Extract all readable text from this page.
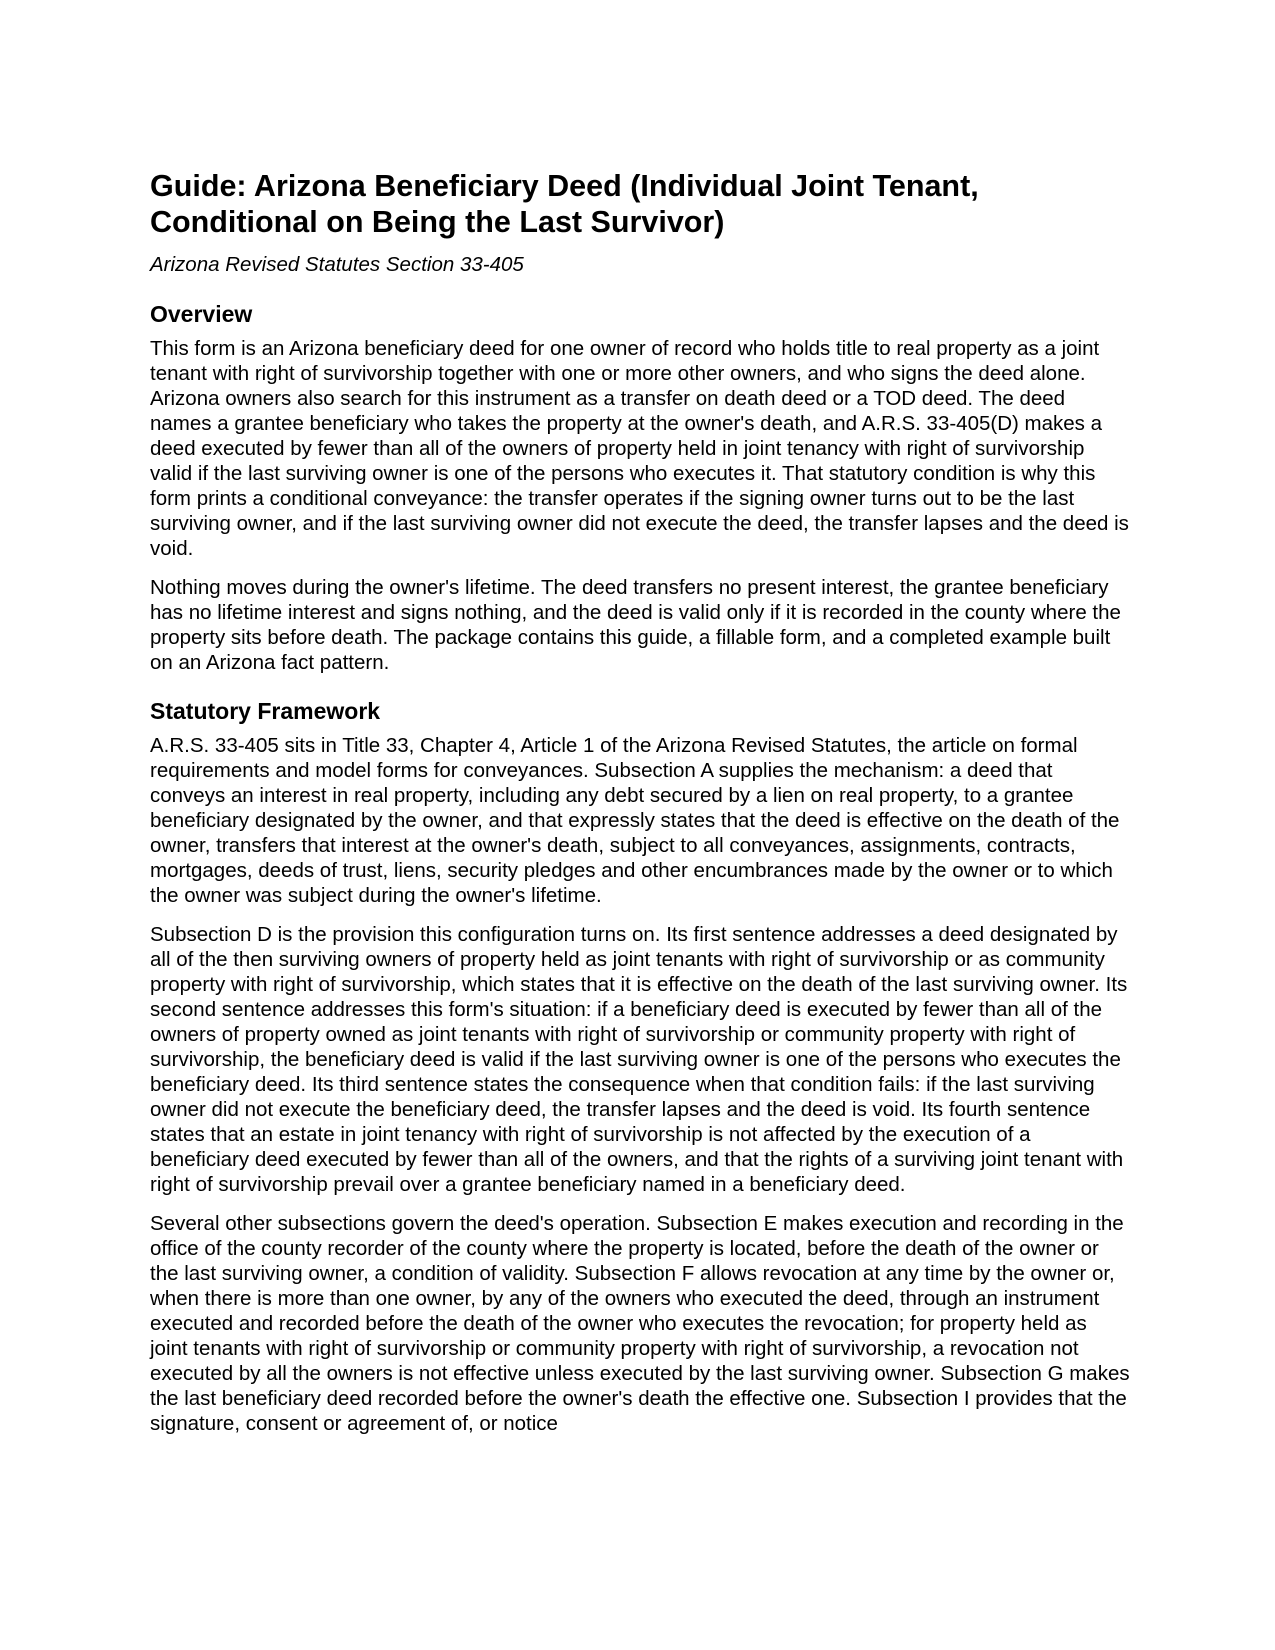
Guide: Arizona Beneficiary Deed (Individual Joint Tenant, Conditional on Being the Last Survivor)

Arizona Revised Statutes Section 33-405

Overview

This form is an Arizona beneficiary deed for one owner of record who holds title to real property as a joint tenant with right of survivorship together with one or more other owners, and who signs the deed alone. Arizona owners also search for this instrument as a transfer on death deed or a TOD deed. The deed names a grantee beneficiary who takes the property at the owner's death, and A.R.S. 33-405(D) makes a deed executed by fewer than all of the owners of property held in joint tenancy with right of survivorship valid if the last surviving owner is one of the persons who executes it. That statutory condition is why this form prints a conditional conveyance: the transfer operates if the signing owner turns out to be the last surviving owner, and if the last surviving owner did not execute the deed, the transfer lapses and the deed is void.

Nothing moves during the owner's lifetime. The deed transfers no present interest, the grantee beneficiary has no lifetime interest and signs nothing, and the deed is valid only if it is recorded in the county where the property sits before death. The package contains this guide, a fillable form, and a completed example built on an Arizona fact pattern.

Statutory Framework

A.R.S. 33-405 sits in Title 33, Chapter 4, Article 1 of the Arizona Revised Statutes, the article on formal requirements and model forms for conveyances. Subsection A supplies the mechanism: a deed that conveys an interest in real property, including any debt secured by a lien on real property, to a grantee beneficiary designated by the owner, and that expressly states that the deed is effective on the death of the owner, transfers that interest at the owner's death, subject to all conveyances, assignments, contracts, mortgages, deeds of trust, liens, security pledges and other encumbrances made by the owner or to which the owner was subject during the owner's lifetime.

Subsection D is the provision this configuration turns on. Its first sentence addresses a deed designated by all of the then surviving owners of property held as joint tenants with right of survivorship or as community property with right of survivorship, which states that it is effective on the death of the last surviving owner. Its second sentence addresses this form's situation: if a beneficiary deed is executed by fewer than all of the owners of property owned as joint tenants with right of survivorship or community property with right of survivorship, the beneficiary deed is valid if the last surviving owner is one of the persons who executes the beneficiary deed. Its third sentence states the consequence when that condition fails: if the last surviving owner did not execute the beneficiary deed, the transfer lapses and the deed is void. Its fourth sentence states that an estate in joint tenancy with right of survivorship is not affected by the execution of a beneficiary deed executed by fewer than all of the owners, and that the rights of a surviving joint tenant with right of survivorship prevail over a grantee beneficiary named in a beneficiary deed.

Several other subsections govern the deed's operation. Subsection E makes execution and recording in the office of the county recorder of the county where the property is located, before the death of the owner or the last surviving owner, a condition of validity. Subsection F allows revocation at any time by the owner or, when there is more than one owner, by any of the owners who executed the deed, through an instrument executed and recorded before the death of the owner who executes the revocation; for property held as joint tenants with right of survivorship or community property with right of survivorship, a revocation not executed by all the owners is not effective unless executed by the last surviving owner. Subsection G makes the last beneficiary deed recorded before the owner's death the effective one. Subsection I provides that the signature, consent or agreement of, or notice
